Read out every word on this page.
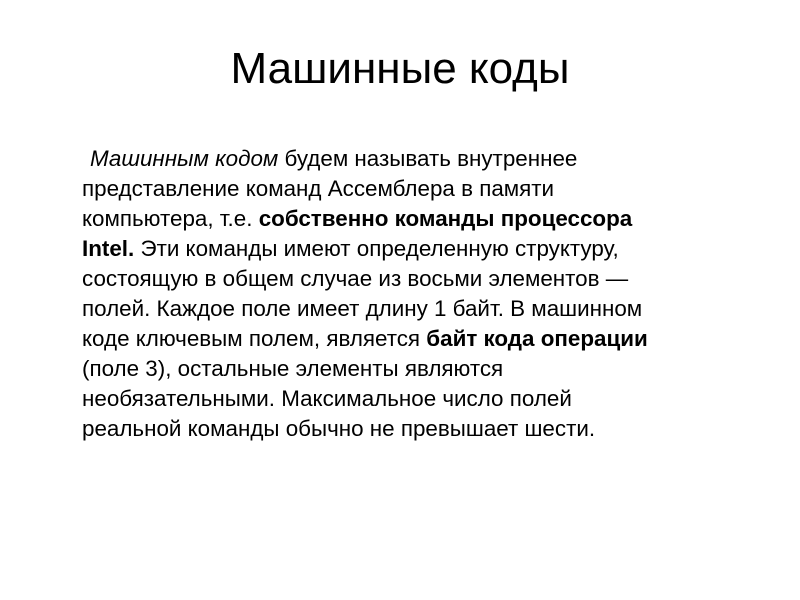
Машинные коды
Машинным кодом будем называть внутреннее
представление команд Ассемблера в памяти
компьютера, т.е. собственно команды процессора
Intel. Эти команды имеют определенную структуру,
состоящую в общем случае из восьми элементов —
полей. Каждое поле имеет длину 1 байт. В машинном
коде ключевым полем, является байт кода операции
(поле 3), остальные элементы являются
необязательными. Максимальное число полей
реальной команды обычно не превышает шести.
